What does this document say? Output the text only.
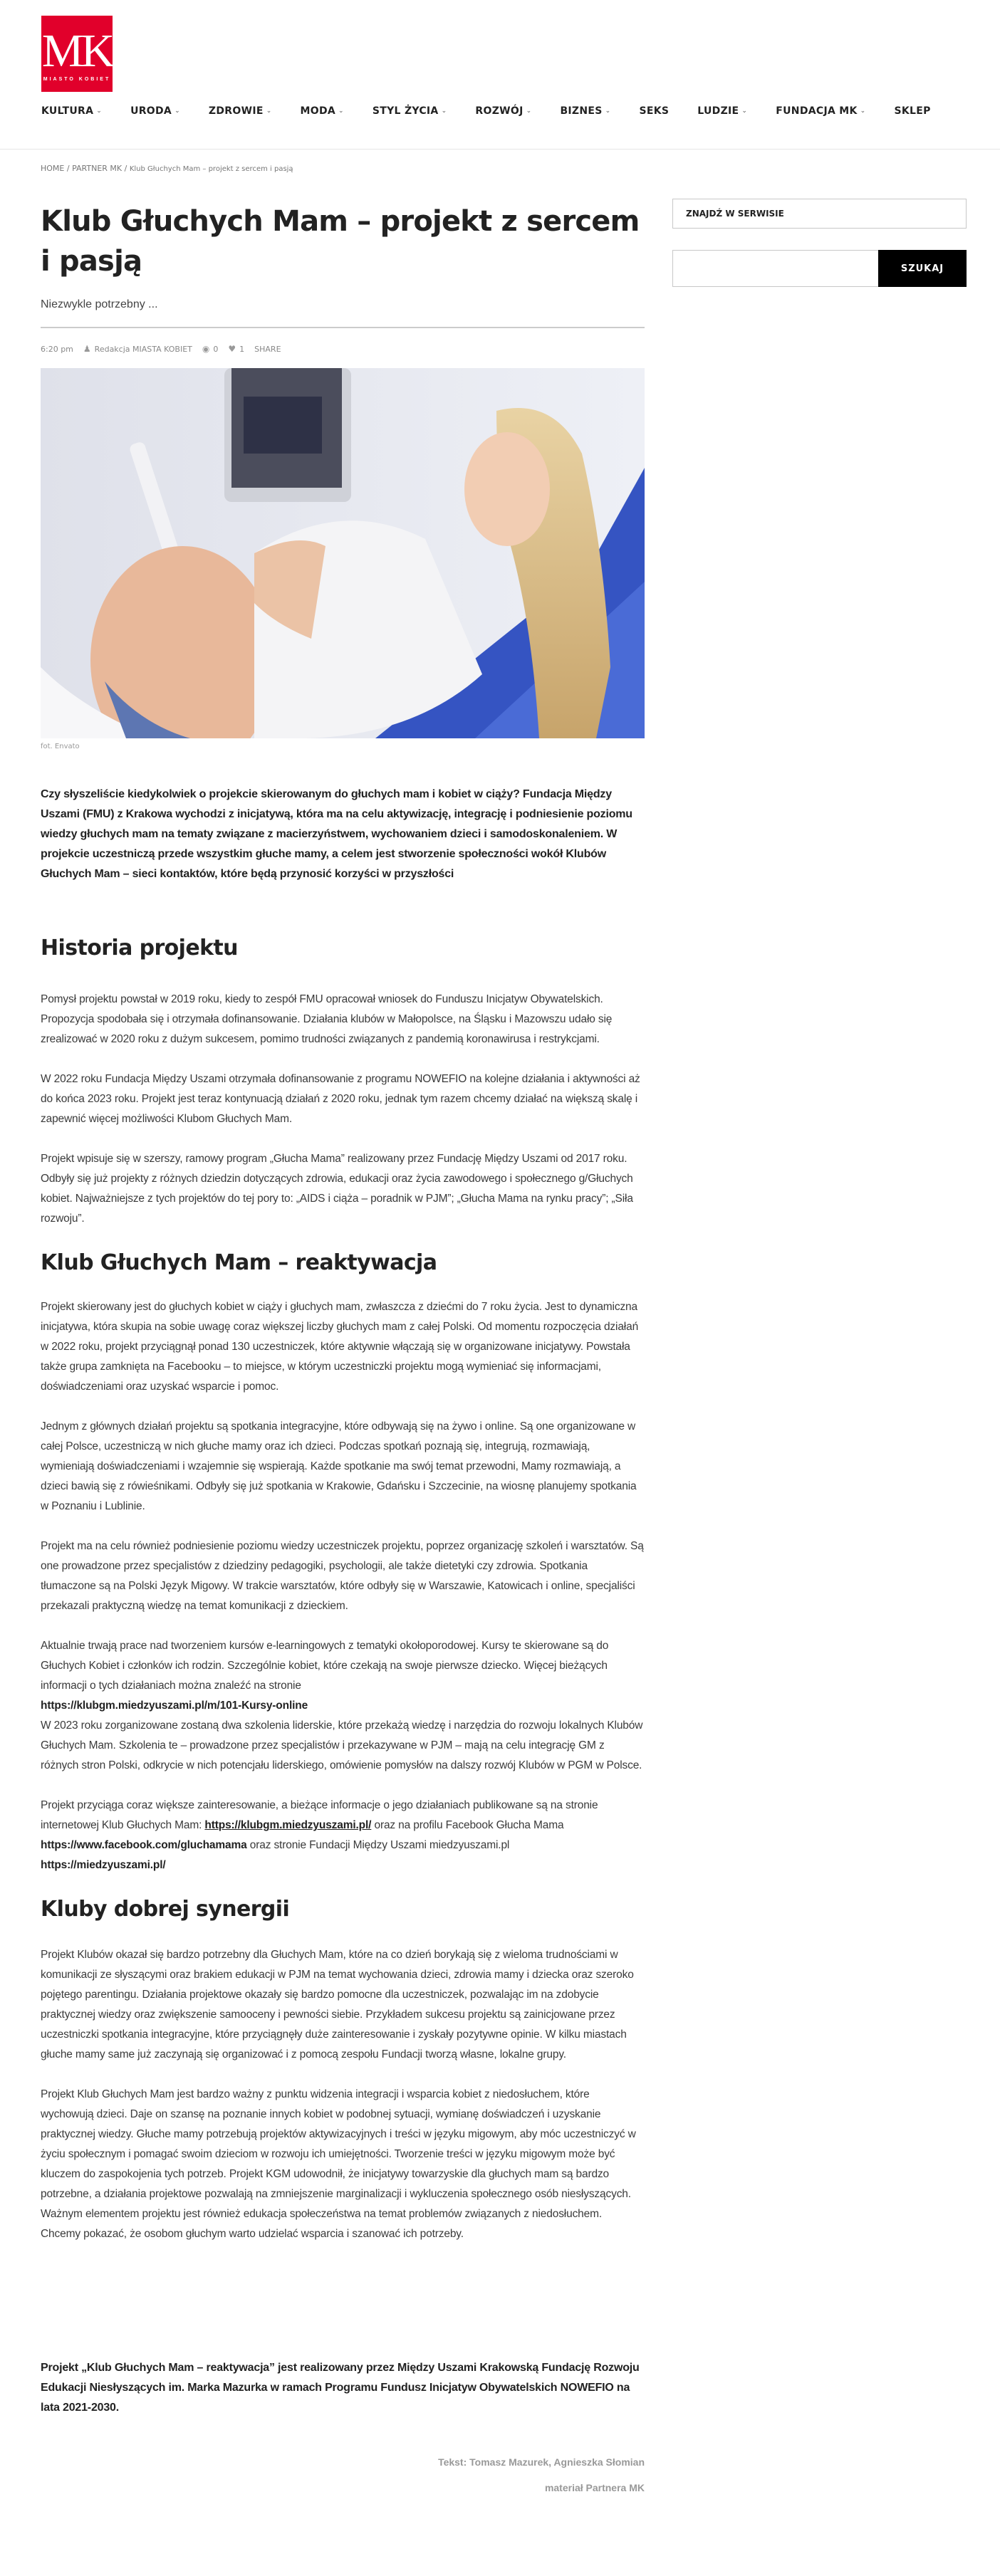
MK
MIASTO KOBIET
KULTURA ⌄	URODA ⌄	ZDROWIE ⌄	MODA ⌄	STYL ŻYCIA ⌄	ROZWÓJ ⌄	BIZNES ⌄	SEKS	LUDZIE ⌄	FUNDACJA MK ⌄	SKLEP
HOME / PARTNER MK / Klub Głuchych Mam – projekt z sercem i pasją
Klub Głuchych Mam – projekt z sercem i pasją

Niezwykle potrzebny ...

6:20 pm ♟ Redakcja MIASTA KOBIET ◉ 0 ♥ 1 SHARE
fot. Envato

Czy słyszeliście kiedykolwiek o projekcie skierowanym do głuchych mam i kobiet w ciąży? Fundacja Między Uszami (FMU) z Krakowa wychodzi z inicjatywą, która ma na celu aktywizację, integrację i podniesienie poziomu wiedzy głuchych mam na tematy związane z macierzyństwem, wychowaniem dzieci i samodoskonaleniem. W projekcie uczestniczą przede wszystkim głuche mamy, a celem jest stworzenie społeczności wokół Klubów Głuchych Mam – sieci kontaktów, które będą przynosić korzyści w przyszłości

Historia projektu

Pomysł projektu powstał w 2019 roku, kiedy to zespół FMU opracował wniosek do Funduszu Inicjatyw Obywatelskich. Propozycja spodobała się i otrzymała dofinansowanie. Działania klubów w Małopolsce, na Śląsku i Mazowszu udało się zrealizować w 2020 roku z dużym sukcesem, pomimo trudności związanych z pandemią koronawirusa i restrykcjami.

W 2022 roku Fundacja Między Uszami otrzymała dofinansowanie z programu NOWEFIO na kolejne działania i aktywności aż do końca 2023 roku. Projekt jest teraz kontynuacją działań z 2020 roku, jednak tym razem chcemy działać na większą skalę i zapewnić więcej możliwości Klubom Głuchych Mam.

Projekt wpisuje się w szerszy, ramowy program „Głucha Mama” realizowany przez Fundację Między Uszami od 2017 roku. Odbyły się już projekty z różnych dziedzin dotyczących zdrowia, edukacji oraz życia zawodowego i społecznego g/Głuchych kobiet. Najważniejsze z tych projektów do tej pory to: „AIDS i ciąża – poradnik w PJM”; „Głucha Mama na rynku pracy”; „Siła rozwoju”.

Klub Głuchych Mam – reaktywacja

Projekt skierowany jest do głuchych kobiet w ciąży i głuchych mam, zwłaszcza z dziećmi do 7 roku życia. Jest to dynamiczna inicjatywa, która skupia na sobie uwagę coraz większej liczby głuchych mam z całej Polski. Od momentu rozpoczęcia działań w 2022 roku, projekt przyciągnął ponad 130 uczestniczek, które aktywnie włączają się w organizowane inicjatywy. Powstała także grupa zamknięta na Facebooku – to miejsce, w którym uczestniczki projektu mogą wymieniać się informacjami, doświadczeniami oraz uzyskać wsparcie i pomoc.

Jednym z głównych działań projektu są spotkania integracyjne, które odbywają się na żywo i online. Są one organizowane w całej Polsce, uczestniczą w nich głuche mamy oraz ich dzieci. Podczas spotkań poznają się, integrują, rozmawiają, wymieniają doświadczeniami i wzajemnie się wspierają. Każde spotkanie ma swój temat przewodni, Mamy rozmawiają, a dzieci bawią się z rówieśnikami. Odbyły się już spotkania w Krakowie, Gdańsku i Szczecinie, na wiosnę planujemy spotkania w Poznaniu i Lublinie.

Projekt ma na celu również podniesienie poziomu wiedzy uczestniczek projektu, poprzez organizację szkoleń i warsztatów. Są one prowadzone przez specjalistów z dziedziny pedagogiki, psychologii, ale także dietetyki czy zdrowia. Spotkania tłumaczone są na Polski Język Migowy. W trakcie warsztatów, które odbyły się w Warszawie, Katowicach i online, specjaliści przekazali praktyczną wiedzę na temat komunikacji z dzieckiem.

Aktualnie trwają prace nad tworzeniem kursów e-learningowych z tematyki okołoporodowej. Kursy te skierowane są do Głuchych Kobiet i członków ich rodzin. Szczególnie kobiet, które czekają na swoje pierwsze dziecko. Więcej bieżących informacji o tych działaniach można znaleźć na stronie
https://klubgm.miedzyuszami.pl/m/101-Kursy-online
W 2023 roku zorganizowane zostaną dwa szkolenia liderskie, które przekażą wiedzę i narzędzia do rozwoju lokalnych Klubów Głuchych Mam. Szkolenia te – prowadzone przez specjalistów i przekazywane w PJM – mają na celu integrację GM z różnych stron Polski, odkrycie w nich potencjału liderskiego, omówienie pomysłów na dalszy rozwój Klubów w PGM w Polsce.

Projekt przyciąga coraz większe zainteresowanie, a bieżące informacje o jego działaniach publikowane są na stronie internetowej Klub Głuchych Mam: https://klubgm.miedzyuszami.pl/ oraz na profilu Facebook Głucha Mama https://www.facebook.com/gluchamama oraz stronie Fundacji Między Uszami miedzyuszami.pl
https://miedzyuszami.pl/

Kluby dobrej synergii

Projekt Klubów okazał się bardzo potrzebny dla Głuchych Mam, które na co dzień borykają się z wieloma trudnościami w komunikacji ze słyszącymi oraz brakiem edukacji w PJM na temat wychowania dzieci, zdrowia mamy i dziecka oraz szeroko pojętego parentingu. Działania projektowe okazały się bardzo pomocne dla uczestniczek, pozwalając im na zdobycie praktycznej wiedzy oraz zwiększenie samooceny i pewności siebie. Przykładem sukcesu projektu są zainicjowane przez uczestniczki spotkania integracyjne, które przyciągnęły duże zainteresowanie i zyskały pozytywne opinie. W kilku miastach głuche mamy same już zaczynają się organizować i z pomocą zespołu Fundacji tworzą własne, lokalne grupy.

Projekt Klub Głuchych Mam jest bardzo ważny z punktu widzenia integracji i wsparcia kobiet z niedosłuchem, które wychowują dzieci. Daje on szansę na poznanie innych kobiet w podobnej sytuacji, wymianę doświadczeń i uzyskanie praktycznej wiedzy. Głuche mamy potrzebują projektów aktywizacyjnych i treści w języku migowym, aby móc uczestniczyć w życiu społecznym i pomagać swoim dzieciom w rozwoju ich umiejętności. Tworzenie treści w języku migowym może być kluczem do zaspokojenia tych potrzeb. Projekt KGM udowodnił, że inicjatywy towarzyskie dla głuchych mam są bardzo potrzebne, a działania projektowe pozwalają na zmniejszenie marginalizacji i wykluczenia społecznego osób niesłyszących. Ważnym elementem projektu jest również edukacja społeczeństwa na temat problemów związanych z niedosłuchem. Chcemy pokazać, że osobom głuchym warto udzielać wsparcia i szanować ich potrzeby.

Projekt „Klub Głuchych Mam – reaktywacja” jest realizowany przez Między Uszami Krakowską Fundację Rozwoju Edukacji Niesłyszących im. Marka Mazurka w ramach Programu Fundusz Inicjatyw Obywatelskich NOWEFIO na lata 2021-2030.

Tekst: Tomasz Mazurek, Agnieszka Słomian

materiał Partnera MK

ZNAJDŹ W SERWISIE
SZUKAJ
